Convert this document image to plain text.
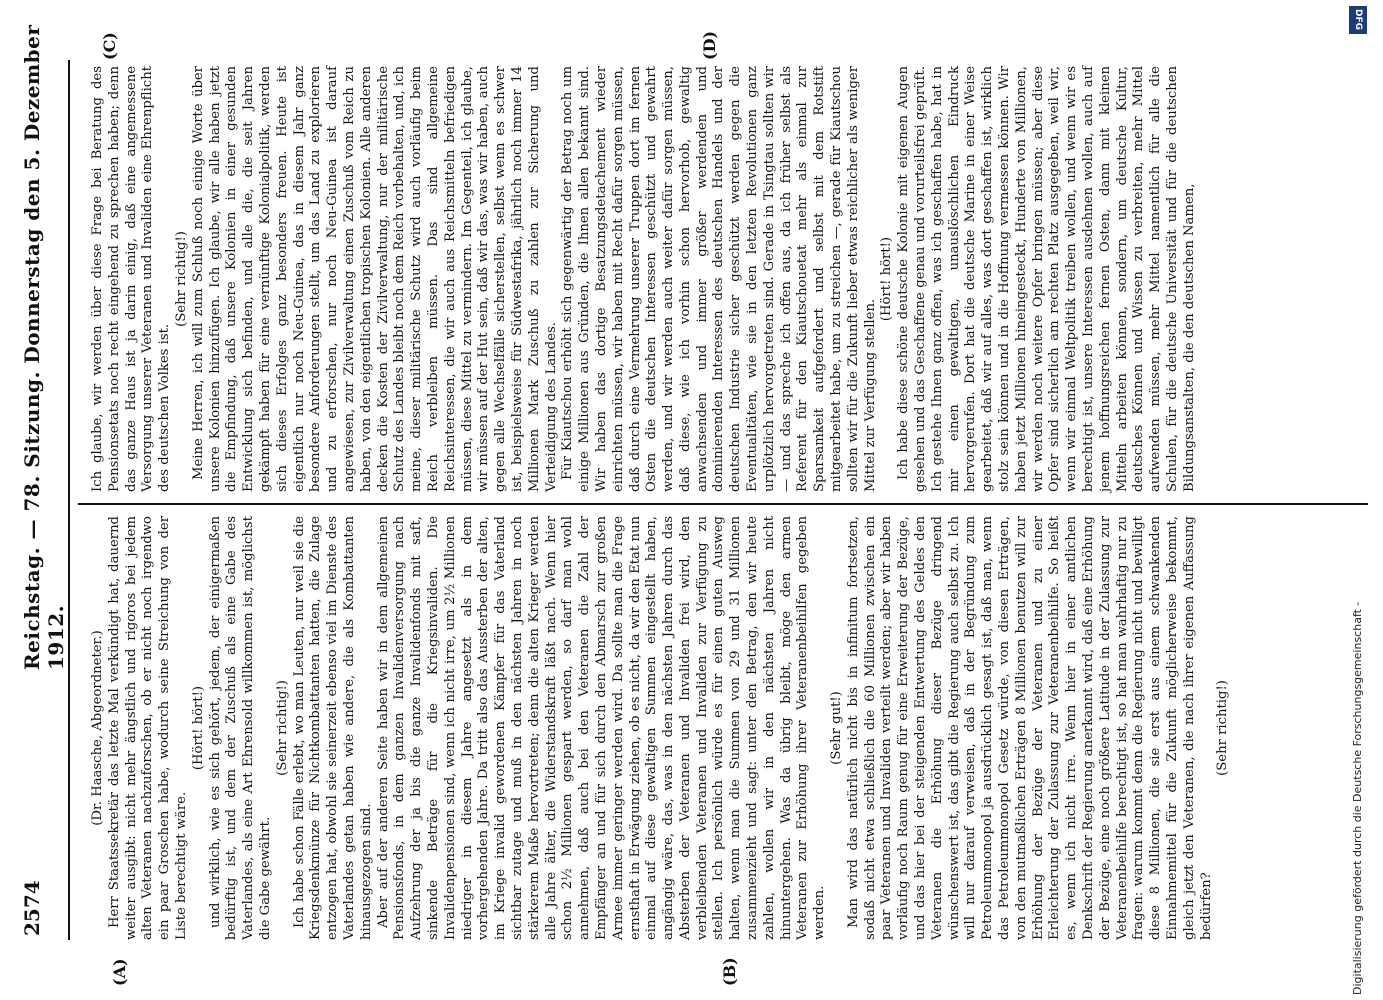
2574
Reichstag. — 78. Sitzung. Donnerstag den 5. Dezember 1912.
(A)	(B)
(C)	(D)

(Dr. Haasche, Abgeordneter.) Herr Staatssekretär das letzte Mal verkündigt hat, dauernd weiter ausgibt: nicht mehr ängstlich und rigoros bei jedem alten Veteranen nachzuforschen, ob er nicht noch irgendwo ein paar Groschen habe, wodurch seine Streichung von der Liste berechtigt wäre.

(Hört! hört!) und wirklich, wie es sich gehört, jedem, der einigermaßen bedürftig ist, und dem der Zuschuß als eine Gabe des Vaterlandes, als eine Art Ehrensold willkommen ist, möglichst die Gabe gewährt.

(Sehr richtig!) Ich habe schon Fälle erlebt, wo man Leuten, nur weil sie die Kriegsdenkmünze für Nichtkombattanten hatten, die Zulage entzogen hat, obwohl sie seinerzeit ebenso viel im Dienste des Vaterlandes getan haben wie andere, die als Kombattanten hinausgezogen sind. Aber auf der anderen Seite haben wir in dem allgemeinen Pensionsfonds, in dem ganzen Invalidenversorgung nach Aufzehrung der ja bis die ganze Invalidenfonds mit saft, sinkende Beträge für die Kriegsinvaliden. Die Invalidenpensionen sind, wenn ich nicht irre, um 2½ Millionen niedriger in diesem Jahre angesetzt als in dem vorhergehenden Jahre. Da tritt also das Aussterben der alten, im Kriege invalid gewordenen Kämpfer für das Vaterland sichtbar zutage und muß in den nächsten Jahren in noch stärkerem Maße hervortreten; denn die alten Krieger werden alle Jahre älter, die Widerstandskraft läßt nach. Wenn hier schon 2½ Millionen gespart werden, so darf man wohl annehmen, daß auch bei den Veteranen die Zahl der Empfänger an und für sich durch den Abmarsch zur großen Armee immer geringer werden wird. Da sollte man die Frage ernsthaft in Erwägung ziehen, ob es nicht, da wir den Etat nun einmal auf diese gewaltigen Summen eingestellt haben, angängig wäre, das, was in den nächsten Jahren durch das Absterben der Veteranen und Invaliden frei wird, den verbleibenden Veteranen und Invaliden zur Verfügung zu stellen. Ich persönlich würde es für einen guten Ausweg halten, wenn man die Summen von 29 und 31 Millionen zusammenzieht und sagt: unter den Betrag, den wir heute zahlen, wollen wir in den nächsten Jahren nicht hinuntergehen. Was da übrig bleibt, möge den armen Veteranen zur Erhöhung ihrer Veteranenbeihilfen gegeben werden.

(Sehr gut!) Man wird das natürlich nicht bis in infinitum fortsetzen, sodaß nicht etwa schließlich die 60 Millionen zwischen ein paar Veteranen und Invaliden verteilt werden; aber wir haben vorläufig noch Raum genug für eine Erweiterung der Bezüge, und das hier bei der steigenden Entwertung des Geldes den Veteranen die Erhöhung dieser Bezüge dringend wünschenswert ist, das gibt die Regierung auch selbst zu. Ich will nur darauf verweisen, daß in der Begründung zum Petroleummonopol ja ausdrücklich gesagt ist, daß man, wenn das Petroleummonopol Gesetz würde, von diesen Erträgen, von den mutmaßlichen Erträgen 8 Millionen benutzen will zur Erhöhung der Bezüge der Veteranen und zu einer Erleichterung der Zulassung zur Veteranenbeihilfe. So heißt es, wenn ich nicht irre. Wenn hier in einer amtlichen Denkschrift der Regierung anerkannt wird, daß eine Erhöhung der Bezüge, eine noch größere Latitude in der Zulassung zur Veteranenbeihilfe berechtigt ist, so hat man wahrhaftig nur zu fragen: warum kommt denn die Regierung nicht und bewilligt diese 8 Millionen, die sie erst aus einem schwankenden Einnahmemittel für die Zukunft möglicherweise bekommt, gleich jetzt den Veteranen, die nach ihrer eigenen Auffassung bedürfen?

(Sehr richtig!)

Ich glaube, wir werden über diese Frage bei Beratung des Pensionsetats noch recht eingehend zu sprechen haben; denn das ganze Haus ist ja darin einig, daß eine angemessene Versorgung unserer Veteranen und Invaliden eine Ehrenpflicht des deutschen Volkes ist.

(Sehr richtig!) Meine Herren, ich will zum Schluß noch einige Worte über unsere Kolonien hinzufügen. Ich glaube, wir alle haben jetzt die Empfindung, daß unsere Kolonien in einer gesunden Entwicklung sich befinden, und alle die, die seit Jahren gekämpft haben für eine vernünftige Kolonialpolitik, werden sich dieses Erfolges ganz besonders freuen. Heute ist eigentlich nur noch Neu-Guinea, das in diesem Jahr ganz besondere Anforderungen stellt, um das Land zu explorieren und zu erforschen, nur noch Neu-Guinea ist darauf angewiesen, zur Zivilverwaltung einen Zuschuß vom Reich zu haben, von den eigentlichen tropischen Kolonien. Alle anderen decken die Kosten der Zivilverwaltung, nur der militärische Schutz des Landes bleibt noch dem Reich vorbehalten, und, ich meine, dieser militärische Schutz wird auch vorläufig beim Reich verbleiben müssen. Das sind allgemeine Reichsinteressen, die wir auch aus Reichsmitteln befriedigen müssen, diese Mittel zu vermindern. Im Gegenteil, ich glaube, wir müssen auf der Hut sein, daß wir das, was wir haben, auch gegen alle Wechselfälle sicherstellen, selbst wenn es schwer ist, beispielsweise für Südwestafrika, jährlich noch immer 14 Millionen Mark Zuschuß zu zahlen zur Sicherung und Verteidigung des Landes. Für Kiautschou erhöht sich gegenwärtig der Betrag noch um einige Millionen aus Gründen, die Ihnen allen bekannt sind. Wir haben das dortige Besatzungsdetachement wieder einrichten müssen, wir haben mit Recht dafür sorgen müssen, daß durch eine Vermehrung unserer Truppen dort im fernen Osten die deutschen Interessen geschützt und gewahrt werden, und wir werden auch weiter dafür sorgen müssen, daß diese, wie ich vorhin schon hervorhob, gewaltig anwachsenden und immer größer werdenden und dominierenden Interessen des deutschen Handels und der deutschen Industrie sicher geschützt werden gegen die Eventualitäten, wie sie in den letzten Revolutionen ganz urplötzlich hervorgetreten sind. Gerade in Tsingtau sollten wir — und das spreche ich offen aus, da ich früher selbst als Referent für den Kiautschouetat mehr als einmal zur Sparsamkeit aufgefordert und selbst mit dem Rotstift mitgearbeitet habe, um zu streichen —, gerade für Kiautschou sollten wir für die Zukunft lieber etwas reichlicher als weniger Mittel zur Verfügung stellen.

(Hört! hört!) Ich habe diese schöne deutsche Kolonie mit eigenen Augen gesehen und das Geschaffene genau und vorurteilsfrei geprüft. Ich gestehe Ihnen ganz offen, was ich geschaffen habe, hat in mir einen gewaltigen, unauslöschlichen Eindruck hervorgerufen. Dort hat die deutsche Marine in einer Weise gearbeitet, daß wir auf alles, was dort geschaffen ist, wirklich stolz sein können und in die Hoffnung vermessen können. Wir haben jetzt Millionen hineingesteckt, Hunderte von Millionen, wir werden noch weitere Opfer bringen müssen; aber diese Opfer sind sicherlich am rechten Platz ausgegeben, weil wir, wenn wir einmal Weltpolitik treiben wollen, und wenn wir es berechtigt ist, unsere Interessen ausdehnen wollen, auch auf jenem hoffnungsreichen fernen Osten, dann mit kleinen Mitteln arbeiten können, sondern, um deutsche Kultur, deutsches Können und Wissen zu verbreiten, mehr Mittel aufwenden müssen, mehr Mittel namentlich für alle die Schulen, für die deutsche Universität und für die deutschen Bildungsanstalten, die den deutschen Namen,

DFG
Digitalisierung gefördert durch die Deutsche Forschungsgemeinschaft -
